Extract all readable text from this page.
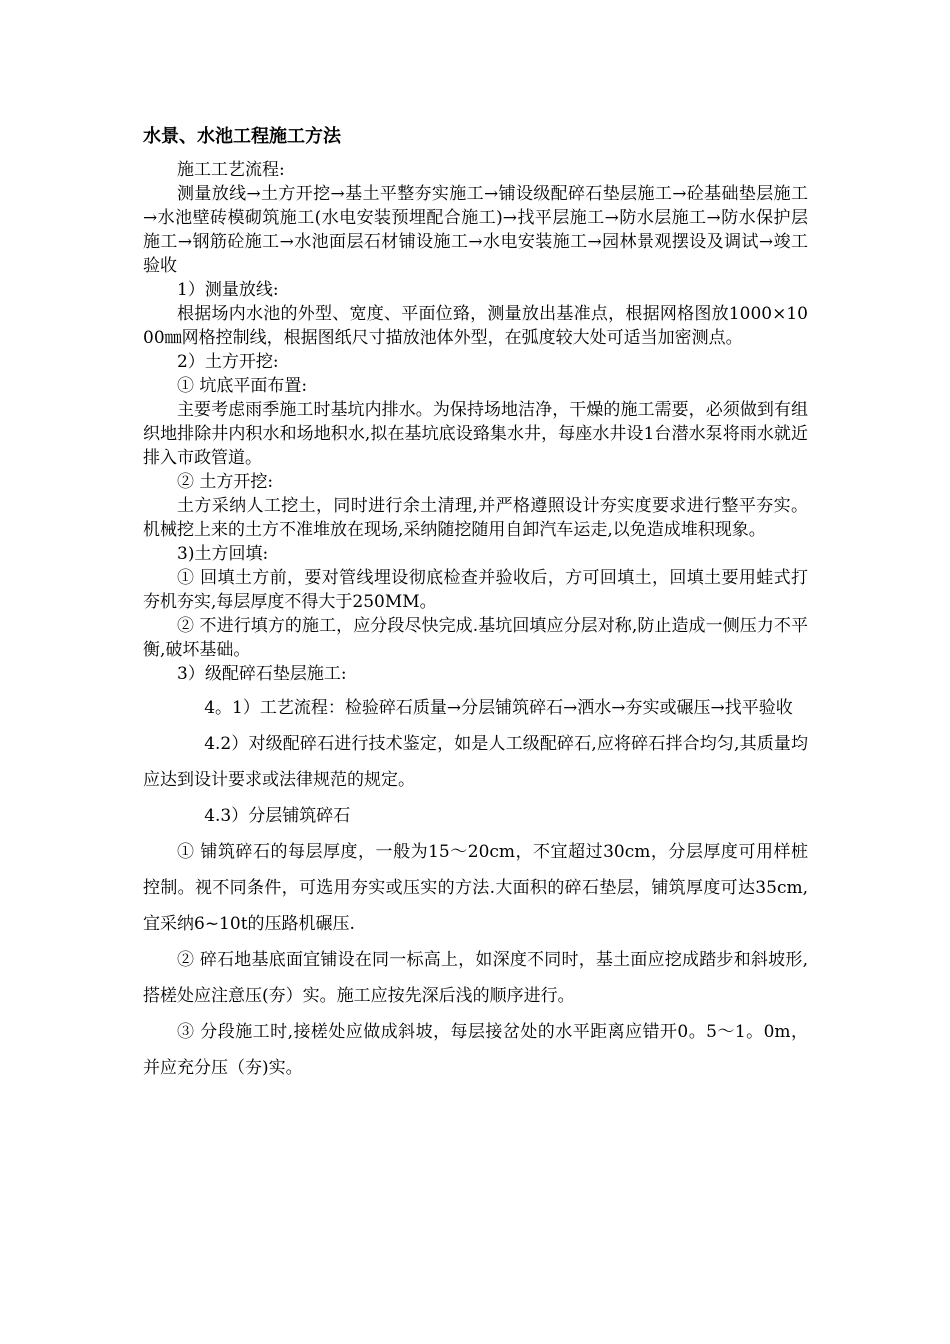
水景、水池工程施工方法

施工工艺流程:

测量放线→土方开挖→基土平整夯实施工→铺设级配碎石垫层施工→砼基础垫层施工→水池壁砖模砌筑施工(水电安装预埋配合施工)→找平层施工→防水层施工→防水保护层施工→钢筋砼施工→水池面层石材铺设施工→水电安装施工→园林景观摆设及调试→竣工验收

1）测量放线:

根据场内水池的外型、宽度、平面位臵，测量放出基准点，根据网格图放1000×1000㎜网格控制线，根据图纸尺寸描放池体外型，在弧度较大处可适当加密测点。

2）土方开挖:

① 坑底平面布置:

主要考虑雨季施工时基坑内排水。为保持场地洁净，干燥的施工需要，必须做到有组织地排除井内积水和场地积水,拟在基坑底设臵集水井，每座水井设1台潜水泵将雨水就近排入市政管道。

② 土方开挖:

土方采纳人工挖土，同时进行余土清理,并严格遵照设计夯实度要求进行整平夯实。机械挖上来的土方不准堆放在现场,采纳随挖随用自卸汽车运走,以免造成堆积现象。

3)土方回填:

① 回填土方前，要对管线埋设彻底检查并验收后，方可回填土，回填土要用蛙式打夯机夯实,每层厚度不得大于250MM。

② 不进行填方的施工，应分段尽快完成.基坑回填应分层对称,防止造成一侧压力不平衡,破坏基础。

3）级配碎石垫层施工:

4。1）工艺流程：检验碎石质量→分层铺筑碎石→洒水→夯实或碾压→找平验收

4.2）对级配碎石进行技术鉴定，如是人工级配碎石,应将碎石拌合均匀,其质量均应达到设计要求或法律规范的规定。

4.3）分层铺筑碎石

① 铺筑碎石的每层厚度，一般为15～20cm，不宜超过30cm，分层厚度可用样桩控制。视不同条件，可选用夯实或压实的方法.大面积的碎石垫层，铺筑厚度可达35cm,宜采纳6~10t的压路机碾压.

② 碎石地基底面宜铺设在同一标高上，如深度不同时，基土面应挖成踏步和斜坡形,搭槎处应注意压(夯）实。施工应按先深后浅的顺序进行。

③ 分段施工时,接槎处应做成斜坡，每层接岔处的水平距离应错开0。5～1。0m，并应充分压（夯)实。
